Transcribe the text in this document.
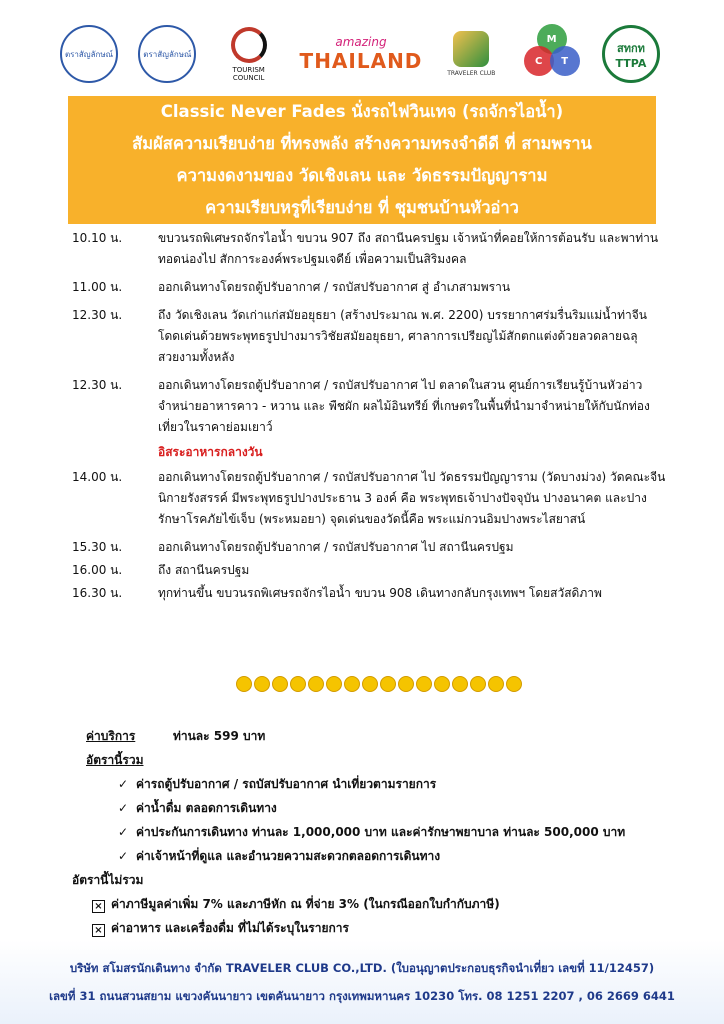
ตราสัญลักษณ์	ตราสัญลักษณ์
TOURISM COUNCIL
amazing
THAILAND
TRAVELER CLUB
M
C	T
สทกท
TTPA
Classic Never Fades นั่งรถไฟวินเทจ (รถจักรไอน้ำ)
สัมผัสความเรียบง่าย ที่ทรงพลัง สร้างความทรงจำดีดี ที่ สามพราน
ความงดงามของ วัดเชิงเลน และ วัดธรรมปัญญาราม
ความเรียบหรูที่เรียบง่าย ที่ ชุมชนบ้านหัวอ่าว
10.10 น.	ขบวนรถพิเศษรถจักรไอน้ำ ขบวน 907 ถึง สถานีนครปฐม เจ้าหน้าที่คอยให้การต้อนรับ และพาท่านทอดน่องไป สักการะองค์พระปฐมเจดีย์ เพื่อความเป็นสิริมงคล
11.00 น.	ออกเดินทางโดยรถตู้ปรับอากาศ / รถบัสปรับอากาศ สู่ อำเภสามพราน
12.30 น.	ถึง วัดเชิงเลน วัดเก่าแก่สมัยอยุธยา (สร้างประมาณ พ.ศ. 2200) บรรยากาศร่มรื่นริมแม่น้ำท่าจีน โดดเด่นด้วยพระพุทธรูปปางมารวิชัยสมัยอยุธยา, ศาลาการเปรียญไม้สักตกแต่งด้วยลวดลายฉลุสวยงามทั้งหลัง
12.30 น.	ออกเดินทางโดยรถตู้ปรับอากาศ / รถบัสปรับอากาศ ไป ตลาดในสวน ศูนย์การเรียนรู้บ้านหัวอ่าว จำหน่ายอาหารคาว - หวาน และ พืชผัก ผลไม้อินทรีย์ ที่เกษตรในพื้นที่นำมาจำหน่ายให้กับนักท่องเที่ยวในราคาย่อมเยาว์
อิสระอาหารกลางวัน
14.00 น.	ออกเดินทางโดยรถตู้ปรับอากาศ / รถบัสปรับอากาศ ไป วัดธรรมปัญญาราม (วัดบางม่วง) วัดคณะจีนนิกายรังสรรค์ มีพระพุทธรูปปางประธาน 3 องค์ คือ พระพุทธเจ้าปางปัจจุบัน ปางอนาคต และปางรักษาโรคภัยไข้เจ็บ (พระหมอยา) จุดเด่นของวัดนี้คือ พระแม่กวนอิมปางพระไสยาสน์
15.30 น.	ออกเดินทางโดยรถตู้ปรับอากาศ / รถบัสปรับอากาศ ไป สถานีนครปฐม
16.00 น.	ถึง สถานีนครปฐม
16.30 น.	ทุกท่านขึ้น ขบวนรถพิเศษรถจักรไอน้ำ ขบวน 908 เดินทางกลับกรุงเทพฯ โดยสวัสดิภาพ
ค่าบริการ	ท่านละ 599 บาท
อัตรานี้รวม
✓ ค่ารถตู้ปรับอากาศ / รถบัสปรับอากาศ นำเที่ยวตามรายการ
✓ ค่าน้ำดื่ม ตลอดการเดินทาง
✓ ค่าประกันการเดินทาง ท่านละ 1,000,000 บาท และค่ารักษาพยาบาล ท่านละ 500,000 บาท
✓ ค่าเจ้าหน้าที่ดูแล และอำนวยความสะดวกตลอดการเดินทาง
อัตรานี้ไม่รวม
× ค่าภาษีมูลค่าเพิ่ม 7% และภาษีหัก ณ ที่จ่าย 3% (ในกรณีออกใบกำกับภาษี)
× ค่าอาหาร และเครื่องดื่ม ที่ไม่ได้ระบุในรายการ
บริษัท สโมสรนักเดินทาง จำกัด TRAVELER CLUB CO.,LTD. (ใบอนุญาตประกอบธุรกิจนำเที่ยว เลขที่ 11/12457)
เลขที่ 31 ถนนสวนสยาม แขวงคันนายาว เขตคันนายาว กรุงเทพมหานคร 10230 โทร. 08 1251 2207 , 06 2669 6441
